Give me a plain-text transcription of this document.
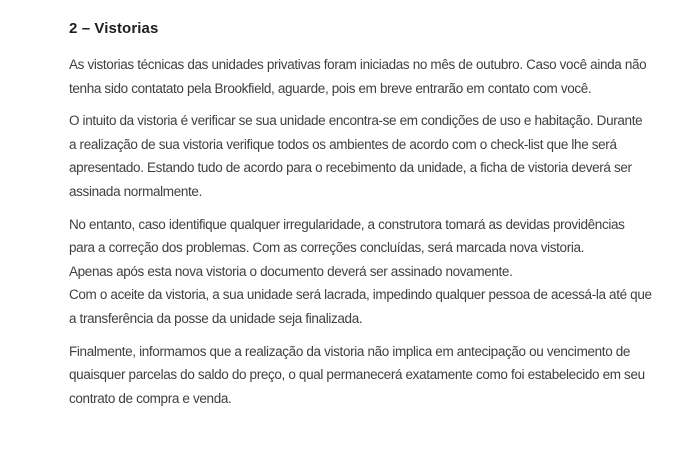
2 – Vistorias
As vistorias técnicas das unidades privativas foram iniciadas no mês de outubro. Caso você ainda não
tenha sido contatato pela Brookfield, aguarde, pois em breve entrarão em contato com você.
O intuito da vistoria é verificar se sua unidade encontra-se em condições de uso e habitação. Durante
a realização de sua vistoria verifique todos os ambientes de acordo com o check-list que lhe será
apresentado. Estando tudo de acordo para o recebimento da unidade, a ficha de vistoria deverá ser
assinada normalmente.
No entanto, caso identifique qualquer irregularidade, a construtora tomará as devidas providências
para a correção dos problemas. Com as correções concluídas, será marcada nova vistoria.
Apenas após esta nova vistoria o documento deverá ser assinado novamente.
Com o aceite da vistoria, a sua unidade será lacrada, impedindo qualquer pessoa de acessá-la até que
a transferência da posse da unidade seja finalizada.
Finalmente, informamos que a realização da vistoria não implica em antecipação ou vencimento de
quaisquer parcelas do saldo do preço, o qual permanecerá exatamente como foi estabelecido em seu
contrato de compra e venda.
